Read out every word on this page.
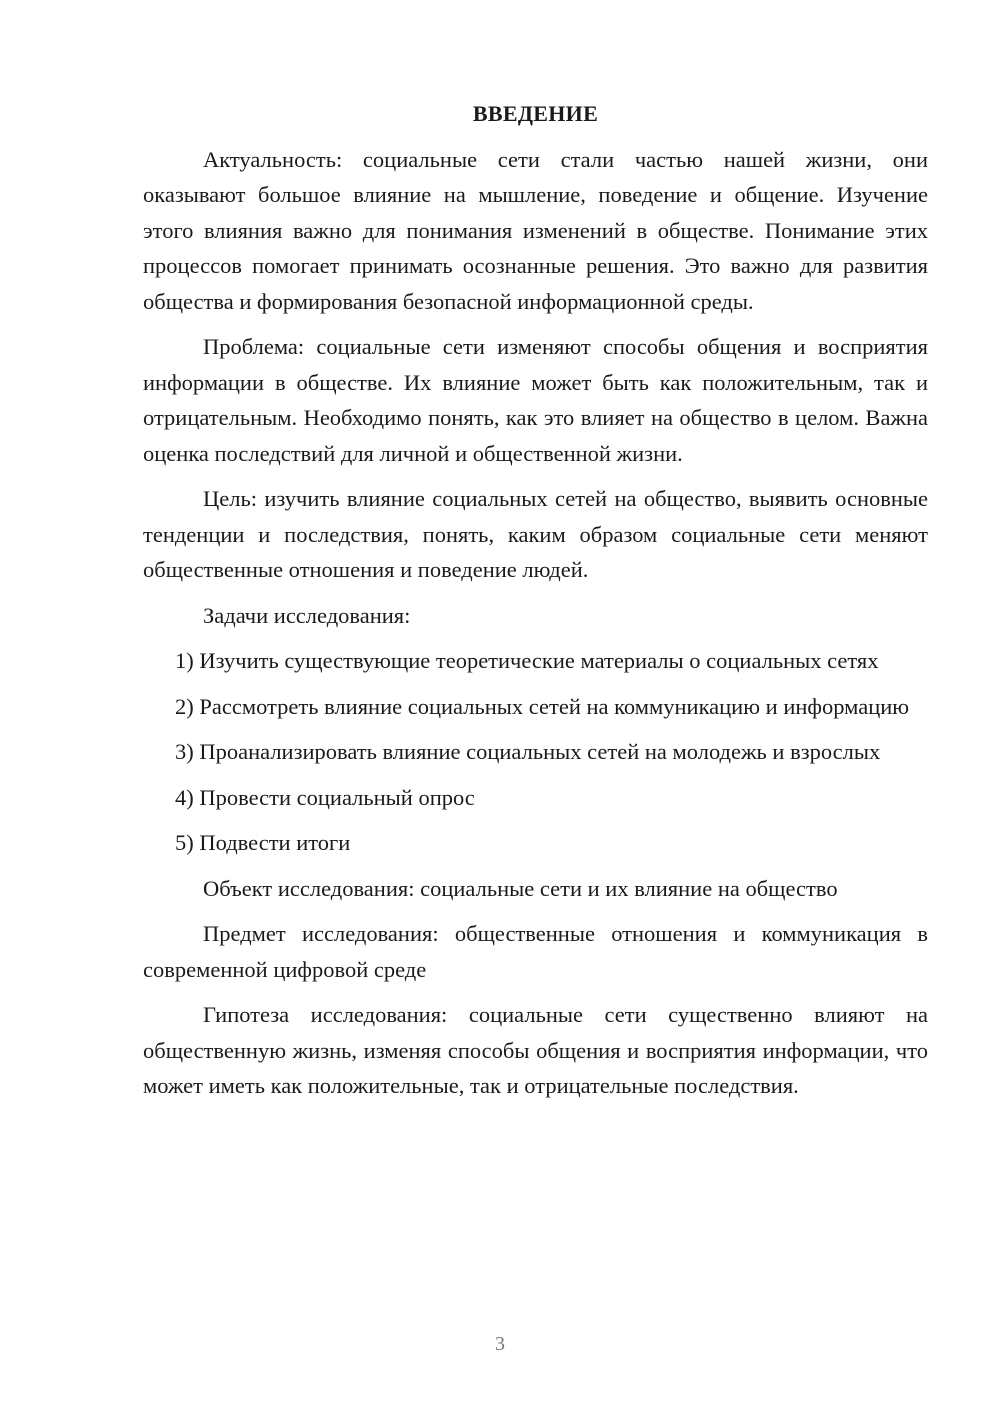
ВВЕДЕНИЕ

Актуальность: социальные сети стали частью нашей жизни, они оказывают большое влияние на мышление, поведение и общение. Изучение этого влияния важно для понимания изменений в обществе. Понимание этих процессов помогает принимать осознанные решения. Это важно для развития общества и формирования безопасной информационной среды.

Проблема: социальные сети изменяют способы общения и восприятия информации в обществе. Их влияние может быть как положительным, так и отрицательным. Необходимо понять, как это влияет на общество в целом. Важна оценка последствий для личной и общественной жизни.

Цель: изучить влияние социальных сетей на общество, выявить основные тенденции и последствия, понять, каким образом социальные сети меняют общественные отношения и поведение людей.

Задачи исследования:

1) Изучить существующие теоретические материалы о социальных сетях

2) Рассмотреть влияние социальных сетей на коммуникацию и информацию

3) Проанализировать влияние социальных сетей на молодежь и взрослых

4) Провести социальный опрос

5) Подвести итоги

Объект исследования: социальные сети и их влияние на общество

Предмет исследования: общественные отношения и коммуникация в современной цифровой среде

Гипотеза исследования: социальные сети существенно влияют на общественную жизнь, изменяя способы общения и восприятия информации, что может иметь как положительные, так и отрицательные последствия.

3
